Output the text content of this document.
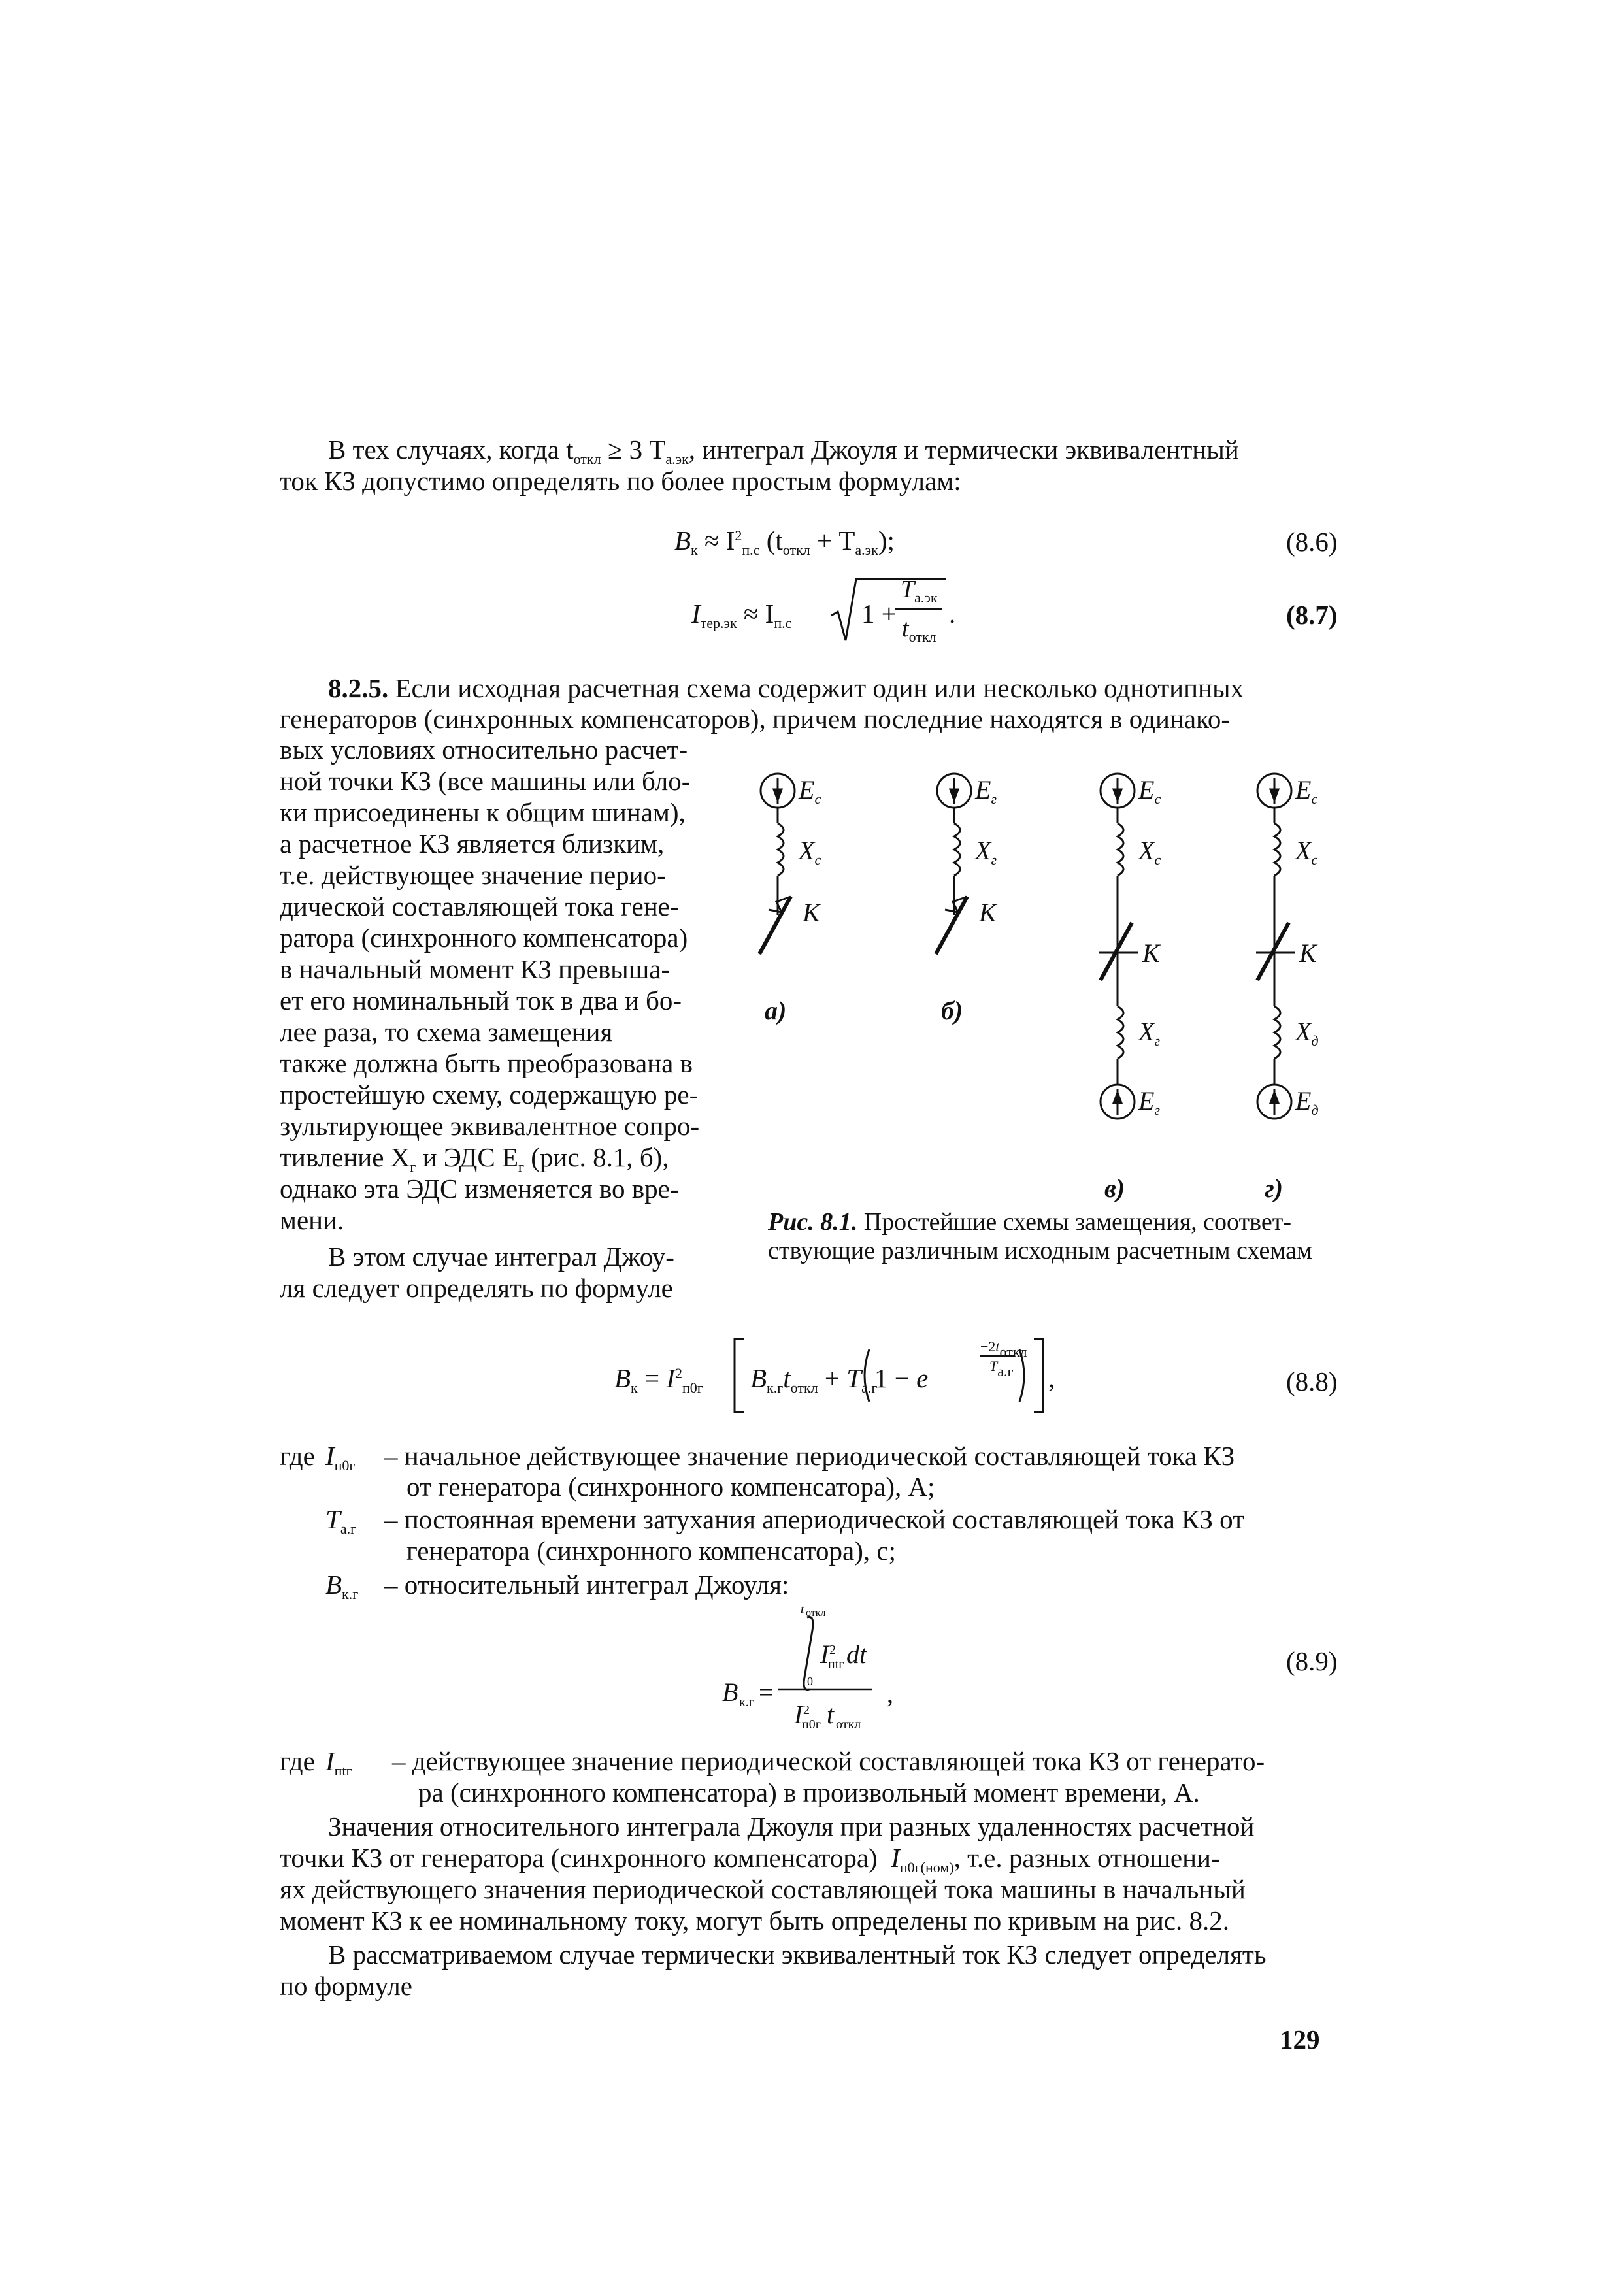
В тех случаях, когда $t_{откл} \ge 3$ $T_{а.эк}$, интеграл Джоуля и термически эквивалентный
ток КЗ допустимо определять по более простым формулам:
$B_к \approx I^2_{п.с}$ $(t_{откл} + T_{а.эк})$;	(8.6)
$I_{тер.эк} \approx I_{п.с}$	1 +
$T_{а.эк}$
$t_{откл}$
.	(8.7)
8.2.5. Если исходная расчетная схема содержит один или несколько однотипных
генераторов (синхронных компенсаторов), причем последние находятся в одинако-
вых условиях относительно расчет-
ной точки КЗ (все машины или бло-
ки присоединены к общим шинам),
а расчетное КЗ является близким,
т.е. действующее значение перио-
дической составляющей тока гене-
ратора (синхронного компенсатора)
в начальный момент КЗ превыша-
ет его номинальный ток в два и бо-
лее раза, то схема замещения
также должна быть преобразована в
простейшую схему, содержащую ре-
зультирующее эквивалентное сопро-
тивление $X_г$ и ЭДС $E_г$ (рис. 8.1, б),
однако эта ЭДС изменяется во вре-
мени.
В этом случае интеграл Джоу-
ля следует определять по формуле
$E_с$
$X_с$
K
$E_г$
$X_г$
K
$E_с$
$X_с$
K
$X_г$
$E_г$
$E_с$
$X_с$
K
$X_д$
$E_д$
а)	б)
в)	г)
Рис. 8.1. Простейшие схемы замещения, соответ-ствующие различным исходным расчетным схемам
$B_к = I^2_{п0г}$ $B_{к.г}t_{откл} + T_{а.г}$
1 − e
$-2t_{откл}$
$T_{а.г}$ ,	(8.8)
где $I_{п0г}$ – начальное действующее значение периодической составляющей тока КЗ
от генератора (синхронного компенсатора), А;
$T_{а.г}$ – постоянная времени затухания апериодической составляющей тока КЗ от
генератора (синхронного компенсатора), с;
$B_{к.г}$ – относительный интеграл Джоуля:
t откл
I 2
пtг dt
0
B к.г =
I 2
п0г t откл
,
(8.9)
где $I_{пtг}$ – действующее значение периодической составляющей тока КЗ от генерато-
ра (синхронного компенсатора) в произвольный момент времени, А.
Значения относительного интеграла Джоуля при разных удаленностях расчетной
точки КЗ от генератора (синхронного компенсатора) $I_{п0г(ном)}$, т.е. разных отношени-
ях действующего значения периодической составляющей тока машины в начальный
момент КЗ к ее номинальному току, могут быть определены по кривым на рис. 8.2.
В рассматриваемом случае термически эквивалентный ток КЗ следует определять
по формуле
129
